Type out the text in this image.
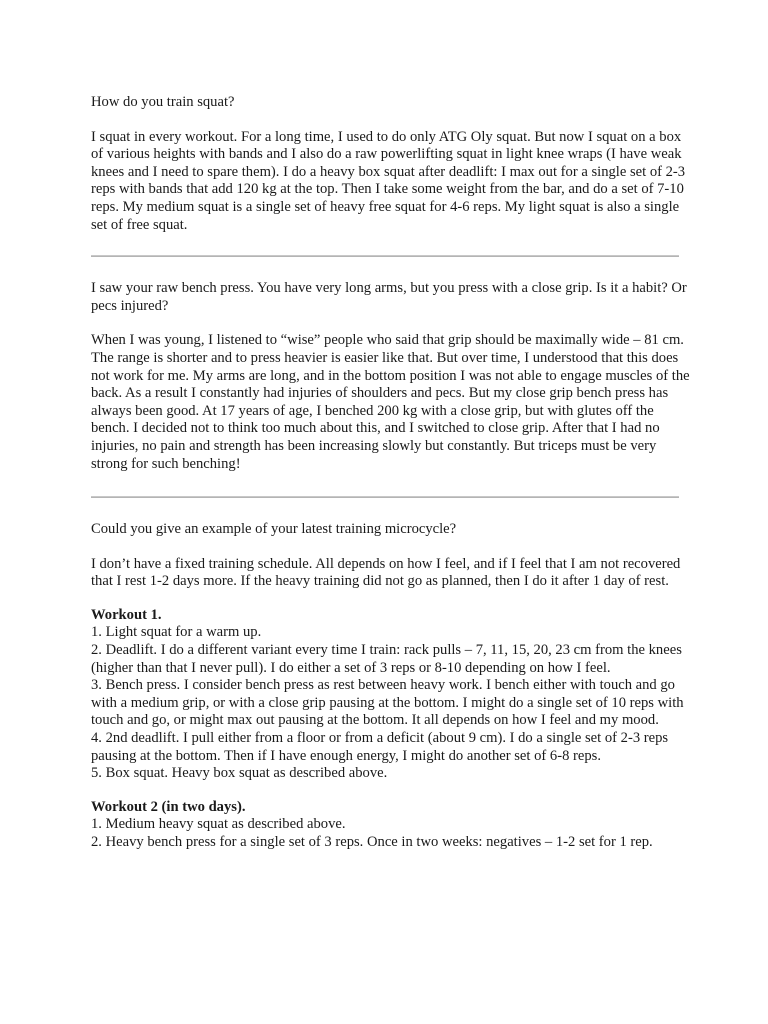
How do you train squat?

I squat in every workout. For a long time, I used to do only ATG Oly squat. But now I squat on a box of various heights with bands and I also do a raw powerlifting squat in light knee wraps (I have weak knees and I need to spare them). I do a heavy box squat after deadlift: I max out for a single set of 2-3 reps with bands that add 120 kg at the top. Then I take some weight from the bar, and do a set of 7-10 reps. My medium squat is a single set of heavy free squat for 4-6 reps. My light squat is also a single set of free squat.

I saw your raw bench press. You have very long arms, but you press with a close grip. Is it a habit? Or pecs injured?

When I was young, I listened to “wise” people who said that grip should be maximally wide – 81 cm. The range is shorter and to press heavier is easier like that. But over time, I understood that this does not work for me. My arms are long, and in the bottom position I was not able to engage muscles of the back. As a result I constantly had injuries of shoulders and pecs. But my close grip bench press has always been good. At 17 years of age, I benched 200 kg with a close grip, but with glutes off the bench. I decided not to think too much about this, and I switched to close grip. After that I had no injuries, no pain and strength has been increasing slowly but constantly. But triceps must be very strong for such benching!

Could you give an example of your latest training microcycle?

I don’t have a fixed training schedule. All depends on how I feel, and if I feel that I am not recovered that I rest 1-2 days more. If the heavy training did not go as planned, then I do it after 1 day of rest.

Workout 1.

1. Light squat for a warm up.
2. Deadlift. I do a different variant every time I train: rack pulls – 7, 11, 15, 20, 23 cm from the knees (higher than that I never pull). I do either a set of 3 reps or 8-10 depending on how I feel.
3. Bench press. I consider bench press as rest between heavy work. I bench either with touch and go with a medium grip, or with a close grip pausing at the bottom. I might do a single set of 10 reps with touch and go, or might max out pausing at the bottom. It all depends on how I feel and my mood.
4. 2nd deadlift. I pull either from a floor or from a deficit (about 9 cm). I do a single set of 2-3 reps pausing at the bottom. Then if I have enough energy, I might do another set of 6-8 reps.
5. Box squat. Heavy box squat as described above.

Workout 2 (in two days).

1. Medium heavy squat as described above.
2. Heavy bench press for a single set of 3 reps. Once in two weeks: negatives – 1-2 set for 1 rep.
